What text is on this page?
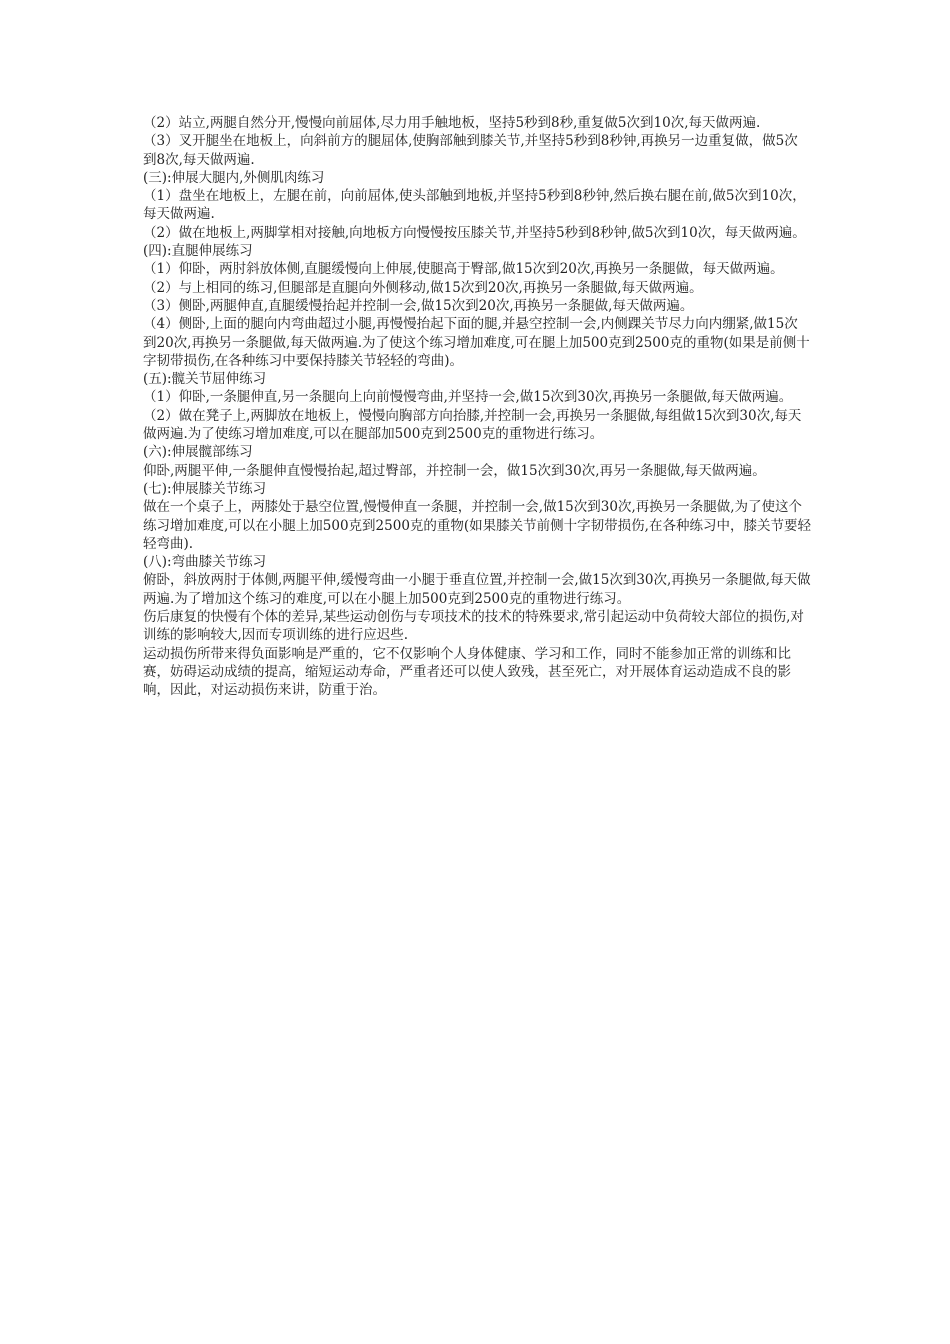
（2）站立,两腿自然分开,慢慢向前屈体,尽力用手触地板，坚持5秒到8秒,重复做5次到10次,每天做两遍.

（3）叉开腿坐在地板上，向斜前方的腿屈体,使胸部触到膝关节,并坚持5秒到8秒钟,再换另一边重复做，做5次到8次,每天做两遍.

(三):伸展大腿内,外侧肌肉练习

（1）盘坐在地板上，左腿在前，向前屈体,使头部触到地板,并坚持5秒到8秒钟,然后换右腿在前,做5次到10次，每天做两遍.

（2）做在地板上,两脚掌相对接触,向地板方向慢慢按压膝关节,并坚持5秒到8秒钟,做5次到10次，每天做两遍。

(四):直腿伸展练习

（1）仰卧，两肘斜放体侧,直腿缓慢向上伸展,使腿高于臀部,做15次到20次,再换另一条腿做，每天做两遍。

（2）与上相同的练习,但腿部是直腿向外侧移动,做15次到20次,再换另一条腿做,每天做两遍。

（3）侧卧,两腿伸直,直腿缓慢抬起并控制一会,做15次到20次,再换另一条腿做,每天做两遍。

（4）侧卧,上面的腿向内弯曲超过小腿,再慢慢抬起下面的腿,并悬空控制一会,内侧踝关节尽力向内绷紧,做15次到20次,再换另一条腿做,每天做两遍.为了使这个练习增加难度,可在腿上加500克到2500克的重物(如果是前侧十字韧带损伤,在各种练习中要保持膝关节轻轻的弯曲)。

(五):髋关节屈伸练习

（1）仰卧,一条腿伸直,另一条腿向上向前慢慢弯曲,并坚持一会,做15次到30次,再换另一条腿做,每天做两遍。

（2）做在凳子上,两脚放在地板上，慢慢向胸部方向抬膝,并控制一会,再换另一条腿做,每组做15次到30次,每天做两遍.为了使练习增加难度,可以在腿部加500克到2500克的重物进行练习。

(六):伸展髋部练习

仰卧,两腿平伸,一条腿伸直慢慢抬起,超过臀部，并控制一会，做15次到30次,再另一条腿做,每天做两遍。

(七):伸展膝关节练习

做在一个桌子上，两膝处于悬空位置,慢慢伸直一条腿，并控制一会,做15次到30次,再换另一条腿做,为了使这个练习增加难度,可以在小腿上加500克到2500克的重物(如果膝关节前侧十字韧带损伤,在各种练习中，膝关节要轻轻弯曲).

(八):弯曲膝关节练习

俯卧，斜放两肘于体侧,两腿平伸,缓慢弯曲一小腿于垂直位置,并控制一会,做15次到30次,再换另一条腿做,每天做两遍.为了增加这个练习的难度,可以在小腿上加500克到2500克的重物进行练习。

伤后康复的快慢有个体的差异,某些运动创伤与专项技术的技术的特殊要求,常引起运动中负荷较大部位的损伤,对训练的影响较大,因而专项训练的进行应迟些.

运动损伤所带来得负面影响是严重的，它不仅影响个人身体健康、学习和工作，同时不能参加正常的训练和比赛，妨碍运动成绩的提高，缩短运动寿命，严重者还可以使人致残，甚至死亡，对开展体育运动造成不良的影响，因此，对运动损伤来讲，防重于治。
